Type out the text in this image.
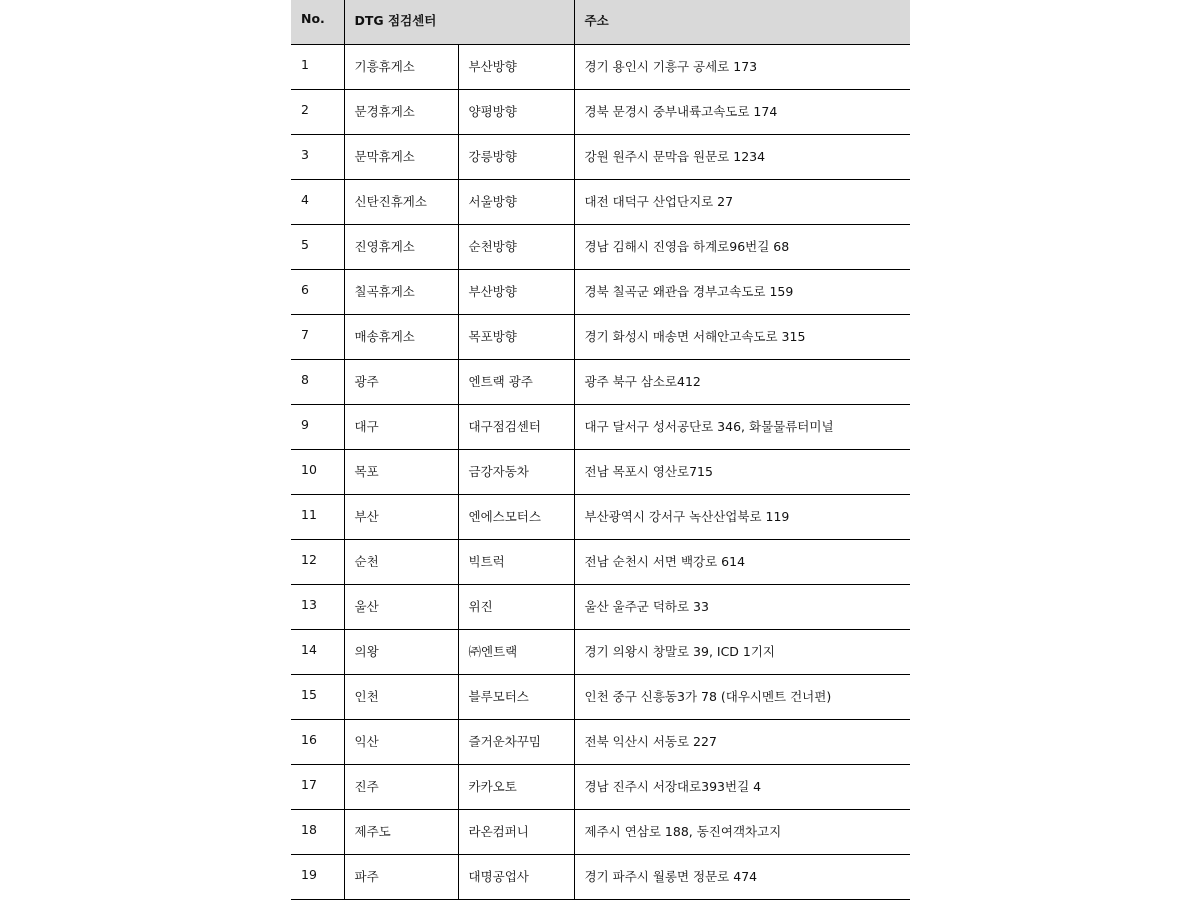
No.	DTG 점검센터		주소
1	기흥휴게소	부산방향	경기 용인시 기흥구 공세로 173
2	문경휴게소	양평방향	경북 문경시 중부내륙고속도로 174
3	문막휴게소	강릉방향	강원 원주시 문막읍 원문로 1234
4	신탄진휴게소	서울방향	대전 대덕구 산업단지로 27
5	진영휴게소	순천방향	경남 김해시 진영읍 하계로96번길 68
6	칠곡휴게소	부산방향	경북 칠곡군 왜관읍 경부고속도로 159
7	매송휴게소	목포방향	경기 화성시 매송면 서해안고속도로 315
8	광주	엔트랙 광주	광주 북구 삼소로412
9	대구	대구점검센터	대구 달서구 성서공단로 346, 화물물류터미널
10	목포	금강자동차	전남 목포시 영산로715
11	부산	엔에스모터스	부산광역시 강서구 녹산산업북로 119
12	순천	빅트럭	전남 순천시 서면 백강로 614
13	울산	위진	울산 울주군 덕하로 33
14	의왕	㈜엔트랙	경기 의왕시 창말로 39, ICD 1기지
15	인천	블루모터스	인천 중구 신흥동3가 78 (대우시멘트 건너편)
16	익산	즐거운차꾸밈	전북 익산시 서동로 227
17	진주	카카오토	경남 진주시 서장대로393번길 4
18	제주도	라온컴퍼니	제주시 연삼로 188, 동진여객차고지
19	파주	대명공업사	경기 파주시 월롱면 정문로 474
